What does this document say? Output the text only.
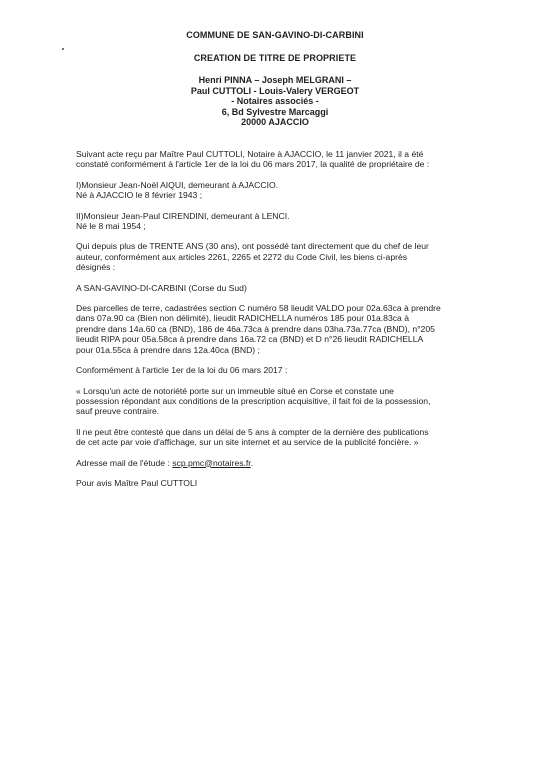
COMMUNE DE SAN-GAVINO-DI-CARBINI
CREATION DE TITRE DE PROPRIETE
Henri PINNA – Joseph MELGRANI –
Paul CUTTOLI - Louis-Valery VERGEOT
- Notaires associés -
6, Bd Sylvestre Marcaggi
20000 AJACCIO

Suivant acte reçu par Maître Paul CUTTOLI, Notaire à AJACCIO, le 11 janvier 2021, il a été
constaté conformément à l'article 1er de la loi du 06 mars 2017, la qualité de propriétaire de :

I)Monsieur Jean-Noël AIQUI, demeurant à AJACCIO.
Né à AJACCIO le 8 février 1943 ;

II)Monsieur Jean-Paul CIRENDINI, demeurant à LENCI.
Né le 8 mai 1954 ;

Qui depuis plus de TRENTE ANS (30 ans), ont possédé tant directement que du chef de leur
auteur, conformément aux articles 2261, 2265 et 2272 du Code Civil, les biens ci-après
désignés :

A SAN-GAVINO-DI-CARBINI (Corse du Sud)

Des parcelles de terre, cadastrées section C numéro 58 lieudit VALDO pour 02a.63ca à prendre
dans 07a.90 ca (Bien non délimité), lieudit RADICHELLA numéros 185 pour 01a.83ca à
prendre dans 14a.60 ca (BND), 186 de 46a.73ca à prendre dans 03ha.73a.77ca (BND), n°205
lieudit RIPA pour 05a.58ca à prendre dans 16a.72 ca (BND) et D n°26 lieudit RADICHELLA
pour 01a.55ca à prendre dans 12a.40ca (BND) ;

Conformément à l'article 1er de la loi du 06 mars 2017 :

« Lorsqu'un acte de notoriété porte sur un immeuble situé en Corse et constate une
possession répondant aux conditions de la prescription acquisitive, il fait foi de la possession,
sauf preuve contraire.

Il ne peut être contesté que dans un délai de 5 ans à compter de la dernière des publications
de cet acte par voie d'affichage, sur un site internet et au service de la publicité foncière. »

Adresse mail de l'étude : scp.pmc@notaires.fr.

Pour avis Maître Paul CUTTOLI
